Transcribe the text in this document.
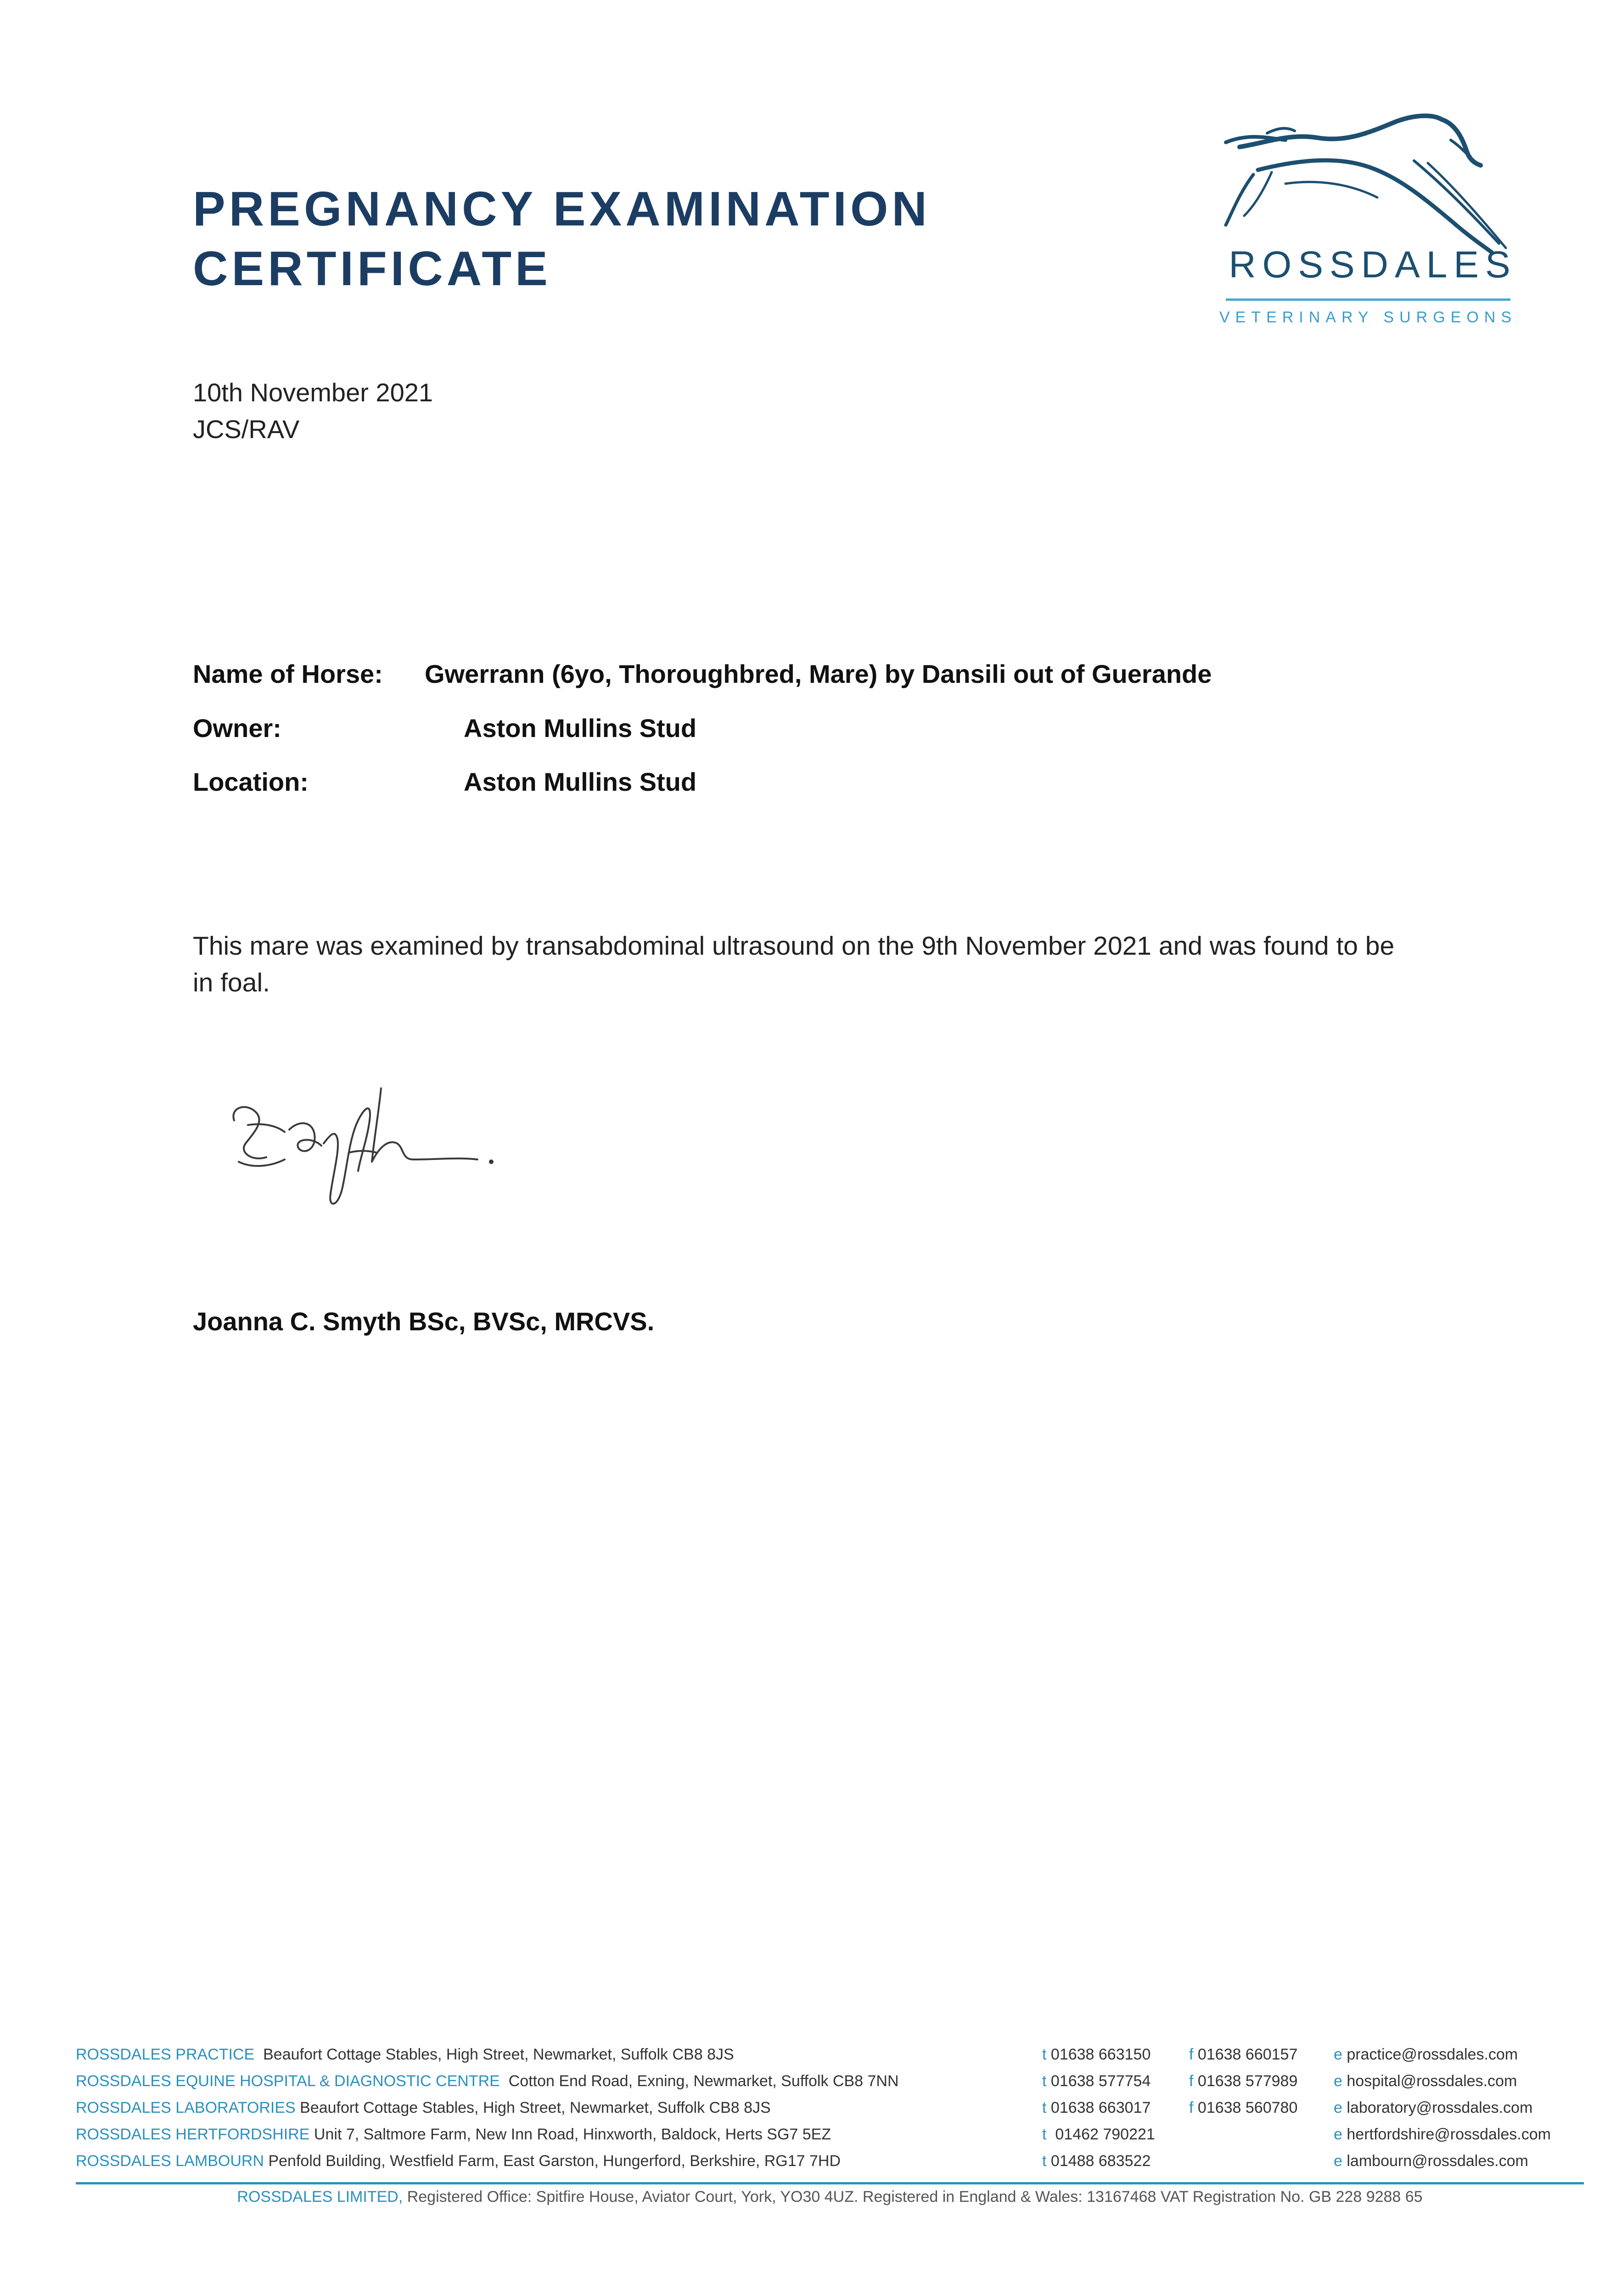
PREGNANCY EXAMINATION
CERTIFICATE	ROSSDALES
VETERINARY SURGEONS
10th November 2021
JCS/RAV
Name of Horse: Gwerrann (6yo, Thoroughbred, Mare) by Dansili out of Guerande
Owner:	Aston Mullins Stud
Location:	Aston Mullins Stud
This mare was examined by transabdominal ultrasound on the 9th November 2021 and was found to be
in foal.
Joanna C. Smyth BSc, BVSc, MRCVS.
ROSSDALES PRACTICE Beaufort Cottage Stables, High Street, Newmarket, Suffolk CB8 8JS	t 01638 663150 f 01638 660157 e practice@rossdales.com
ROSSDALES EQUINE HOSPITAL & DIAGNOSTIC CENTRE Cotton End Road, Exning, Newmarket, Suffolk CB8 7NN	t 01638 577754 f 01638 577989 e hospital@rossdales.com
ROSSDALES LABORATORIES Beaufort Cottage Stables, High Street, Newmarket, Suffolk CB8 8JS	t 01638 663017 f 01638 560780 e laboratory@rossdales.com
ROSSDALES HERTFORDSHIRE Unit 7, Saltmore Farm, New Inn Road, Hinxworth, Baldock, Herts SG7 5EZ	t 01462 790221	e hertfordshire@rossdales.com
ROSSDALES LAMBOURN Penfold Building, Westfield Farm, East Garston, Hungerford, Berkshire, RG17 7HD	t 01488 683522	e lambourn@rossdales.com
ROSSDALES LIMITED, Registered Office: Spitfire House, Aviator Court, York, YO30 4UZ. Registered in England & Wales: 13167468 VAT Registration No. GB 228 9288 65
